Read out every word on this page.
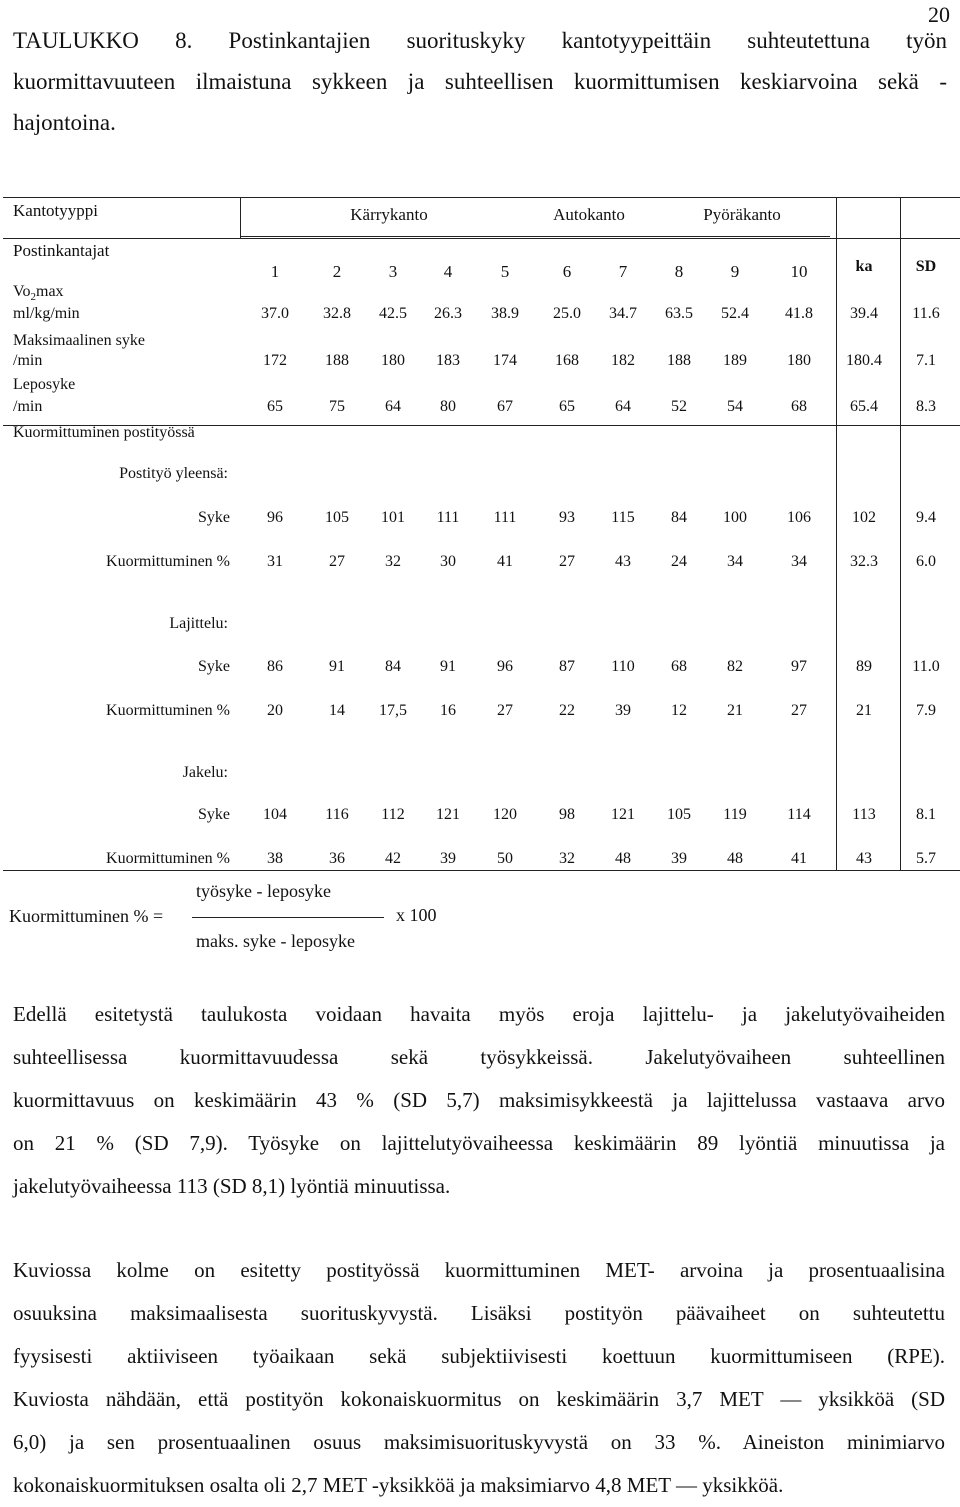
20
TAULUKKO 8. Postinkantajien suorituskyky kantotyypeittäin suhteutettuna työn
kuormittavuuteen ilmaistuna sykkeen ja suhteellisen kuormittumisen keskiarvoina sekä -
hajontoina.
Kantotyyppi	Kärrykanto	Autokanto	Pyöräkanto
Postinkantajat
1	2	3	4	5	6	7	8	9	10	ka	SD
$Vo_2\max$
ml/kg/min	37.0	32.8	42.5	26.3	38.9	25.0	34.7	63.5	52.4	41.8	39.4	11.6
Maksimaalinen syke
/min	172	188	180	183	174	168	182	188	189	180	180.4	7.1
Leposyke
/min	65	75	64	80	67	65	64	52	54	68	65.4	8.3
Kuormittuminen postityössä
Postityö yleensä:
Syke	96	105	101	111	111	93	115	84	100	106	102	9.4
Kuormittuminen %	31	27	32	30	41	27	43	24	34	34	32.3	6.0
Lajittelu:
Syke	86	91	84	91	96	87	110	68	82	97	89	11.0
Kuormittuminen %	20	14	17,5	16	27	22	39	12	21	27	21	7.9
Jakelu:
Syke	104	116	112	121	120	98	121	105	119	114	113	8.1
Kuormittuminen %	38	36	42	39	50	32	48	39	48	41	43	5.7
Kuormittuminen % =
työsyke - leposyke
x 100
maks. syke - leposyke
Edellä esitetystä taulukosta voidaan havaita myös eroja lajittelu- ja jakelutyövaiheiden
suhteellisessa kuormittavuudessa sekä työsykkeissä. Jakelutyövaiheen suhteellinen
kuormittavuus on keskimäärin 43 % (SD 5,7) maksimisykkeestä ja lajittelussa vastaava arvo
on 21 % (SD 7,9). Työsyke on lajittelutyövaiheessa keskimäärin 89 lyöntiä minuutissa ja
jakelutyövaiheessa 113 (SD 8,1) lyöntiä minuutissa.
Kuviossa kolme on esitetty postityössä kuormittuminen MET- arvoina ja prosentuaalisina
osuuksina maksimaalisesta suorituskyvystä. Lisäksi postityön päävaiheet on suhteutettu
fyysisesti aktiiviseen työaikaan sekä subjektiivisesti koettuun kuormittumiseen (RPE).
Kuviosta nähdään, että postityön kokonaiskuormitus on keskimäärin 3,7 MET — yksikköä (SD
6,0) ja sen prosentuaalinen osuus maksimisuorituskyvystä on 33 %. Aineiston minimiarvo
kokonaiskuormituksen osalta oli 2,7 MET -yksikköä ja maksimiarvo 4,8 MET — yksikköä.
